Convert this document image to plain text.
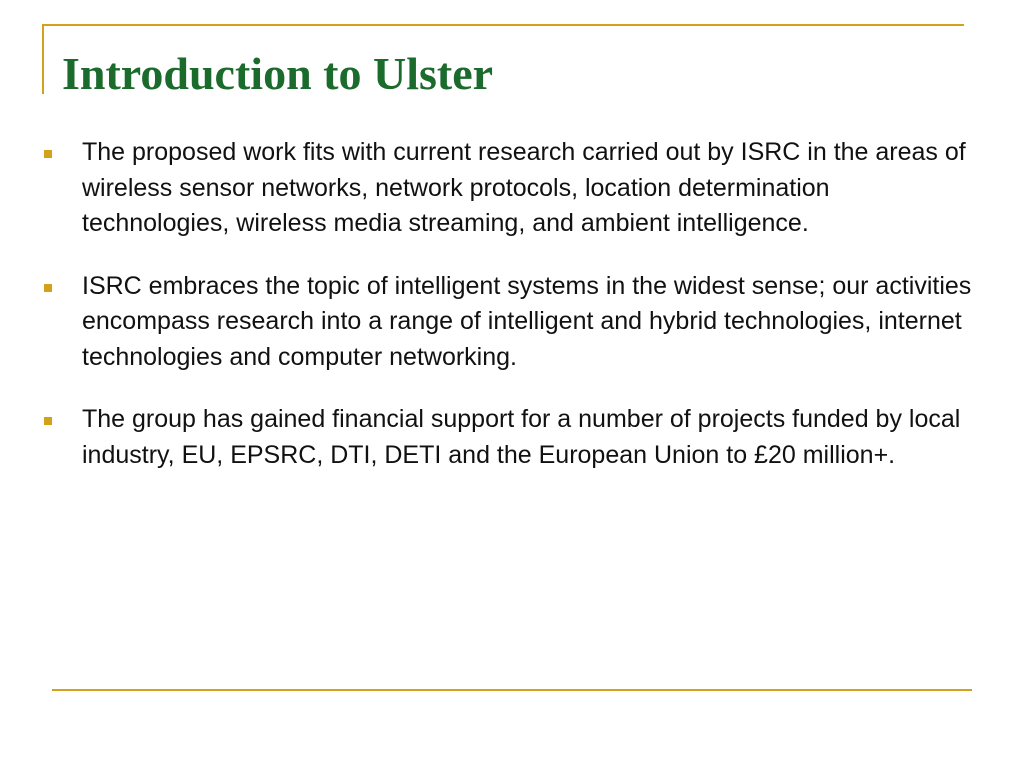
Introduction to Ulster
The proposed work fits with current research carried out by ISRC in the areas of wireless sensor networks, network protocols, location determination technologies, wireless media streaming, and ambient intelligence.
ISRC embraces the topic of intelligent systems in the widest sense; our activities encompass research into a range of intelligent and hybrid technologies, internet technologies and computer networking.
The group has gained financial support for a number of projects funded by local industry, EU, EPSRC, DTI, DETI and the European Union to £20 million+.
